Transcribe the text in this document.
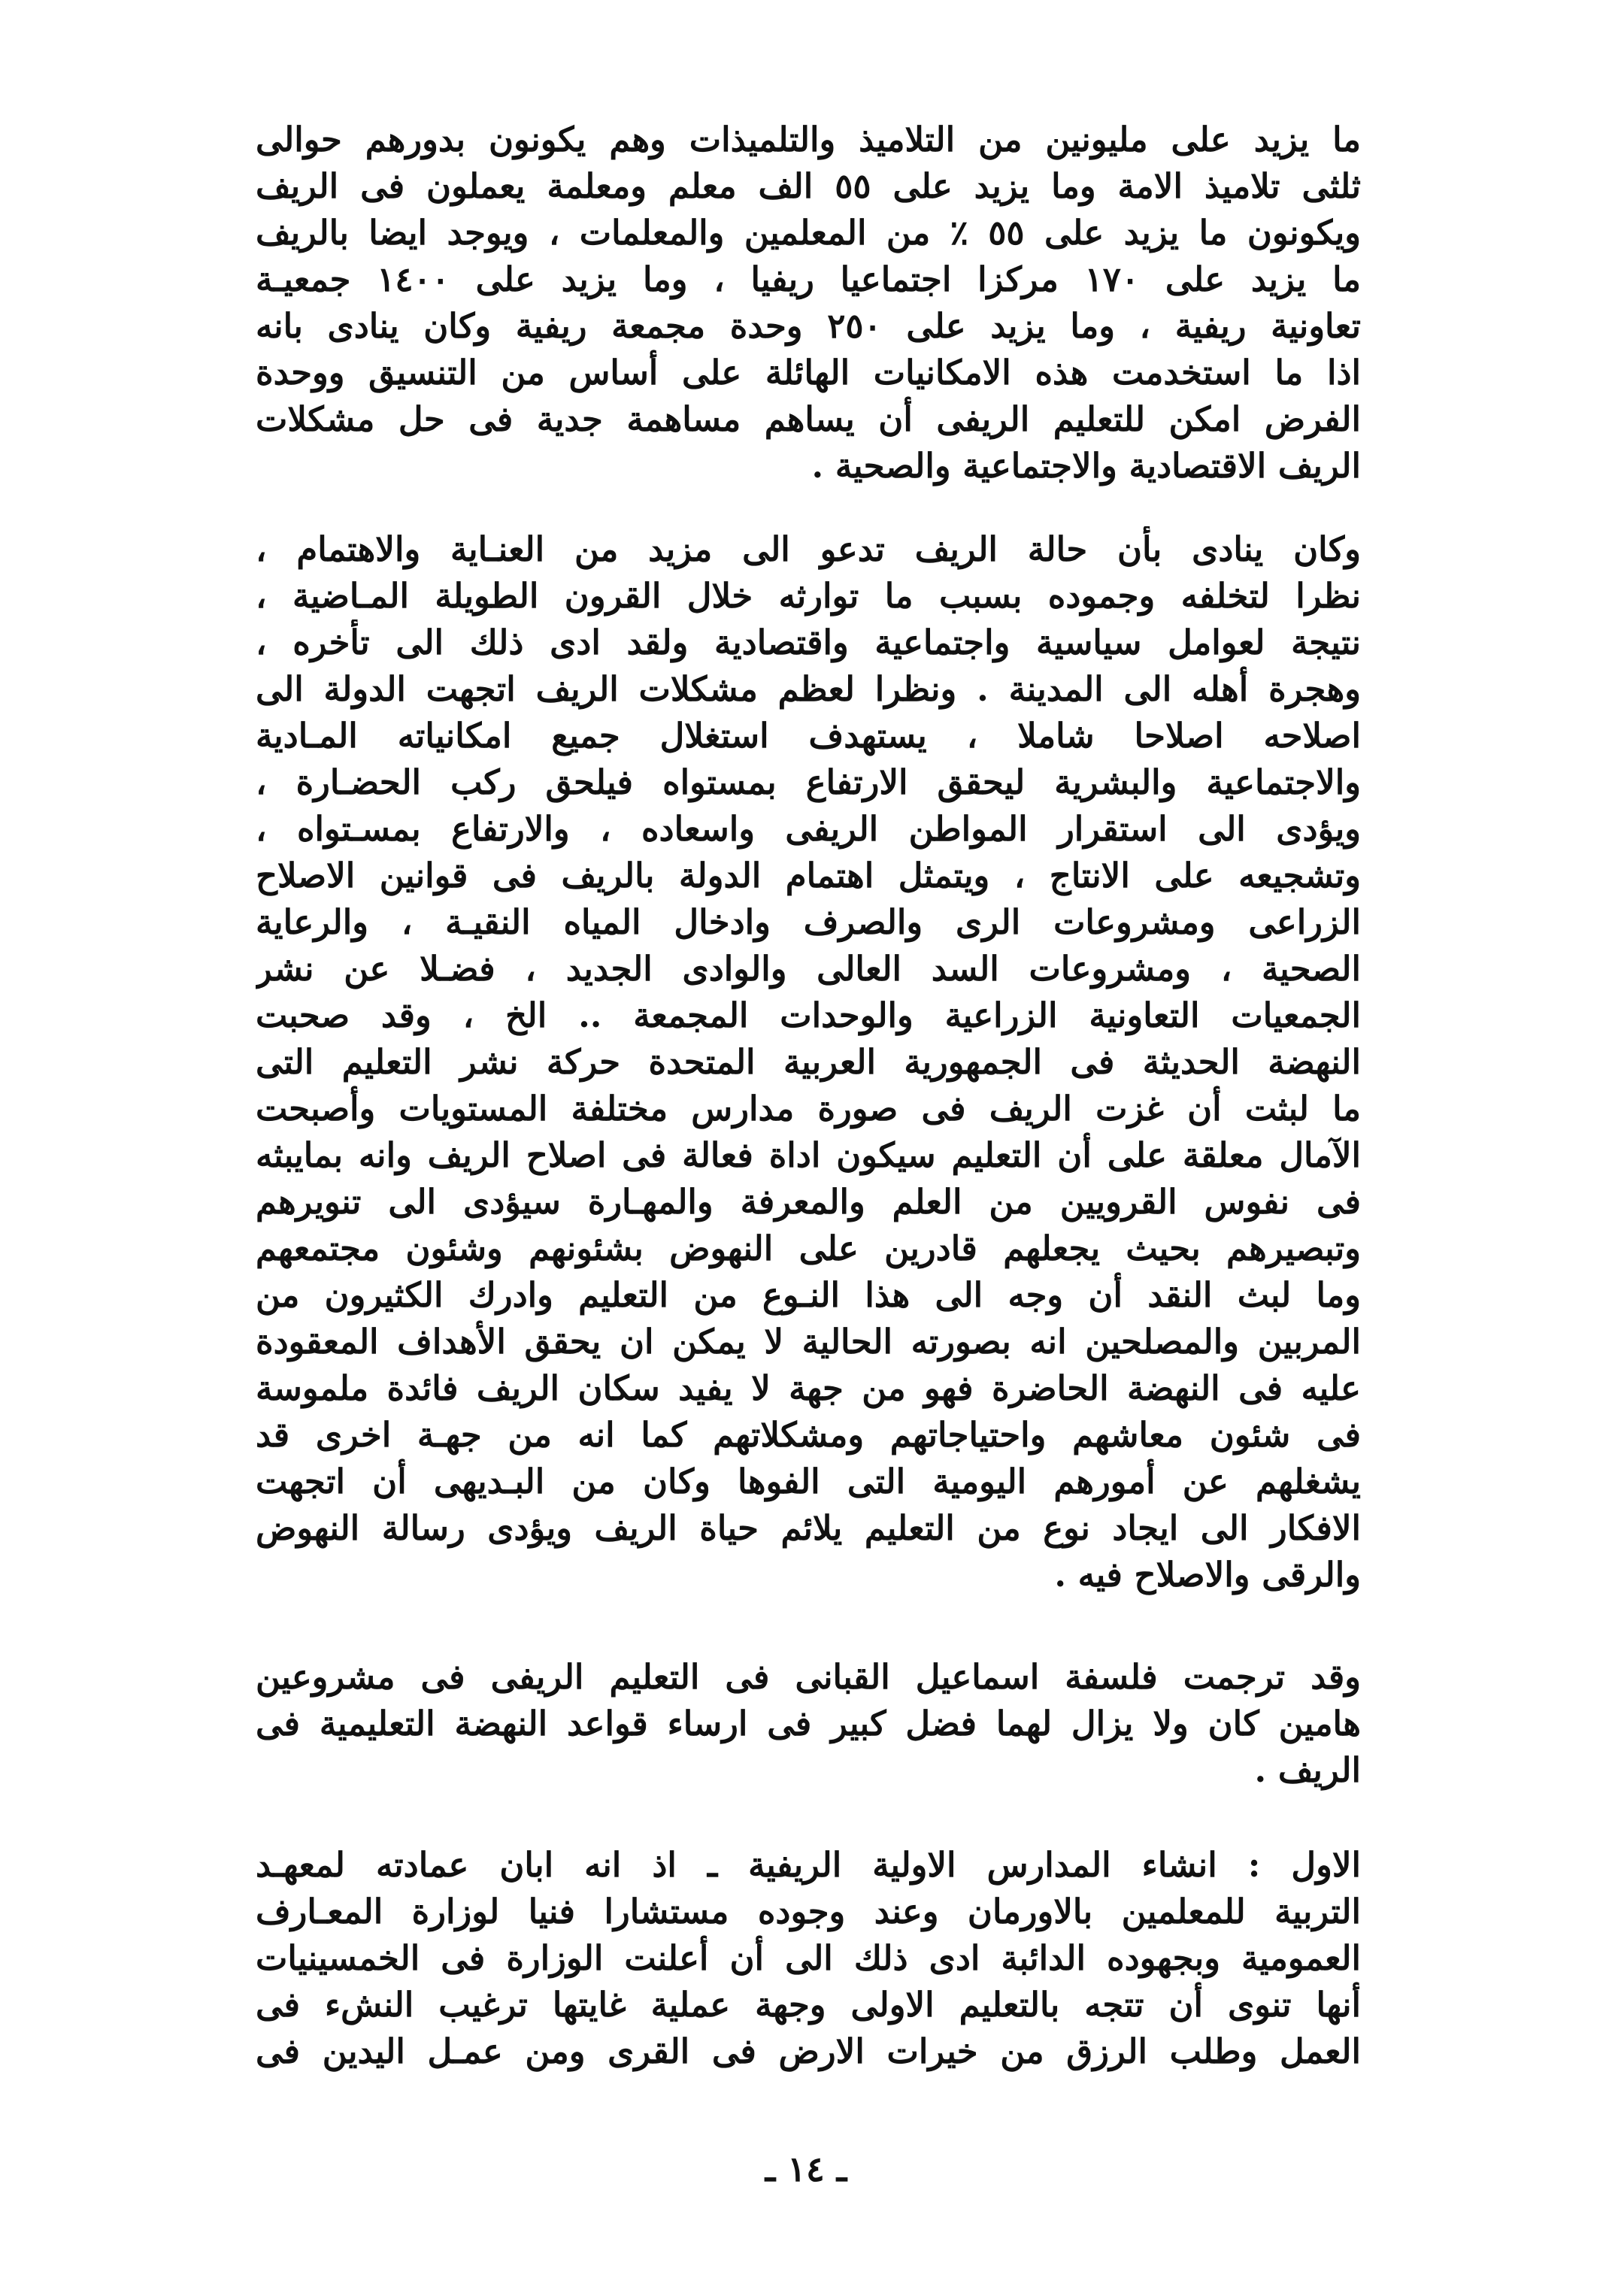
ما يزيد على مليونين من التلاميذ والتلميذات وهم يكونون بدورهم حوالى
ثلثى تلاميذ الامة وما يزيد على ٥٥ الف معلم ومعلمة يعملون فى الريف
ويكونون ما يزيد على ٥٥ ٪ من المعلمين والمعلمات ، ويوجد ايضا بالريف
ما يزيد على ١٧٠ مركزا اجتماعيا ريفيا ، وما يزيد على ١٤٠٠ جمعيـة
تعاونية ريفية ، وما يزيد على ٢٥٠ وحدة مجمعة ريفية وكان ينادى بانه
اذا ما استخدمت هذه الامكانيات الهائلة على أساس من التنسيق ووحدة
الفرض امكن للتعليم الريفى أن يساهم مساهمة جدية فى حل مشكلات
الريف الاقتصادية والاجتماعية والصحية .
وكان ينادى بأن حالة الريف تدعو الى مزيد من العنـاية والاهتمام ،
نظرا لتخلفه وجموده بسبب ما توارثه خلال القرون الطويلة المـاضية ،
نتيجة لعوامل سياسية واجتماعية واقتصادية ولقد ادى ذلك الى تأخره ،
وهجرة أهله الى المدينة . ونظرا لعظم مشكلات الريف اتجهت الدولة الى
اصلاحه اصلاحا شاملا ، يستهدف استغلال جميع امكانياته المـادية
والاجتماعية والبشرية ليحقق الارتفاع بمستواه فيلحق ركب الحضـارة ،
ويؤدى الى استقرار المواطن الريفى واسعاده ، والارتفاع بمسـتواه ،
وتشجيعه على الانتاج ، ويتمثل اهتمام الدولة بالريف فى قوانين الاصلاح
الزراعى ومشروعات الرى والصرف وادخال المياه النقيـة ، والرعاية
الصحية ، ومشروعات السد العالى والوادى الجديد ، فضـلا عن نشر
الجمعيات التعاونية الزراعية والوحدات المجمعة .. الخ ، وقد صحبت
النهضة الحديثة فى الجمهورية العربية المتحدة حركة نشر التعليم التى
ما لبثت أن غزت الريف فى صورة مدارس مختلفة المستويات وأصبحت
الآمال معلقة على أن التعليم سيكون اداة فعالة فى اصلاح الريف وانه بمايبثه
فى نفوس القرويين من العلم والمعرفة والمهـارة سيؤدى الى تنويرهم
وتبصيرهم بحيث يجعلهم قادرين على النهوض بشئونهم وشئون مجتمعهم
وما لبث النقد أن وجه الى هذا النـوع من التعليم وادرك الكثيرون من
المربين والمصلحين انه بصورته الحالية لا يمكن ان يحقق الأهداف المعقودة
عليه فى النهضة الحاضرة فهو من جهة لا يفيد سكان الريف فائدة ملموسة
فى شئون معاشهم واحتياجاتهم ومشكلاتهم كما انه من جهـة اخرى قد
يشغلهم عن أمورهم اليومية التى الفوها وكان من البـديهى أن اتجهت
الافكار الى ايجاد نوع من التعليم يلائم حياة الريف ويؤدى رسالة النهوض
والرقى والاصلاح فيه .
وقد ترجمت فلسفة اسماعيل القبانى فى التعليم الريفى فى مشروعين
هامين كان ولا يزال لهما فضل كبير فى ارساء قواعد النهضة التعليمية فى
الريف .
الاول : انشاء المدارس الاولية الريفية ـ اذ انه ابان عمادته لمعهـد
التربية للمعلمين بالاورمان وعند وجوده مستشارا فنيا لوزارة المعـارف
العمومية وبجهوده الدائبة ادى ذلك الى أن أعلنت الوزارة فى الخمسينيات
أنها تنوى أن تتجه بالتعليم الاولى وجهة عملية غايتها ترغيب النشء فى
العمل وطلب الرزق من خيرات الارض فى القرى ومن عمـل اليدين فى
ـ ١٤ ـ
